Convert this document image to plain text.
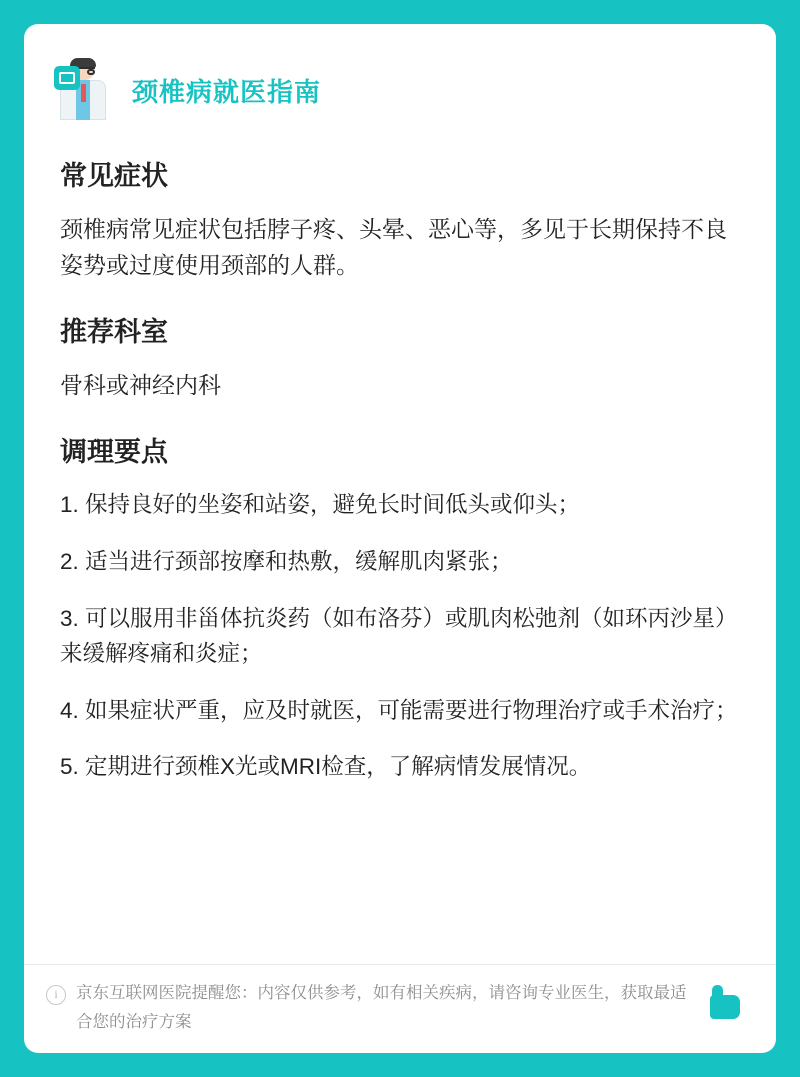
颈椎病就医指南
常见症状

颈椎病常见症状包括脖子疼、头晕、恶心等，多见于长期保持不良姿势或过度使用颈部的人群。

推荐科室

骨科或神经内科

调理要点
1. 保持良好的坐姿和站姿，避免长时间低头或仰头；
2. 适当进行颈部按摩和热敷，缓解肌肉紧张；
3. 可以服用非甾体抗炎药（如布洛芬）或肌肉松弛剂（如环丙沙星）来缓解疼痛和炎症；
4. 如果症状严重，应及时就医，可能需要进行物理治疗或手术治疗；
5. 定期进行颈椎X光或MRI检查，了解病情发展情况。
i	京东互联网医院提醒您：内容仅供参考，如有相关疾病，请咨询专业医生，获取最适合您的治疗方案
